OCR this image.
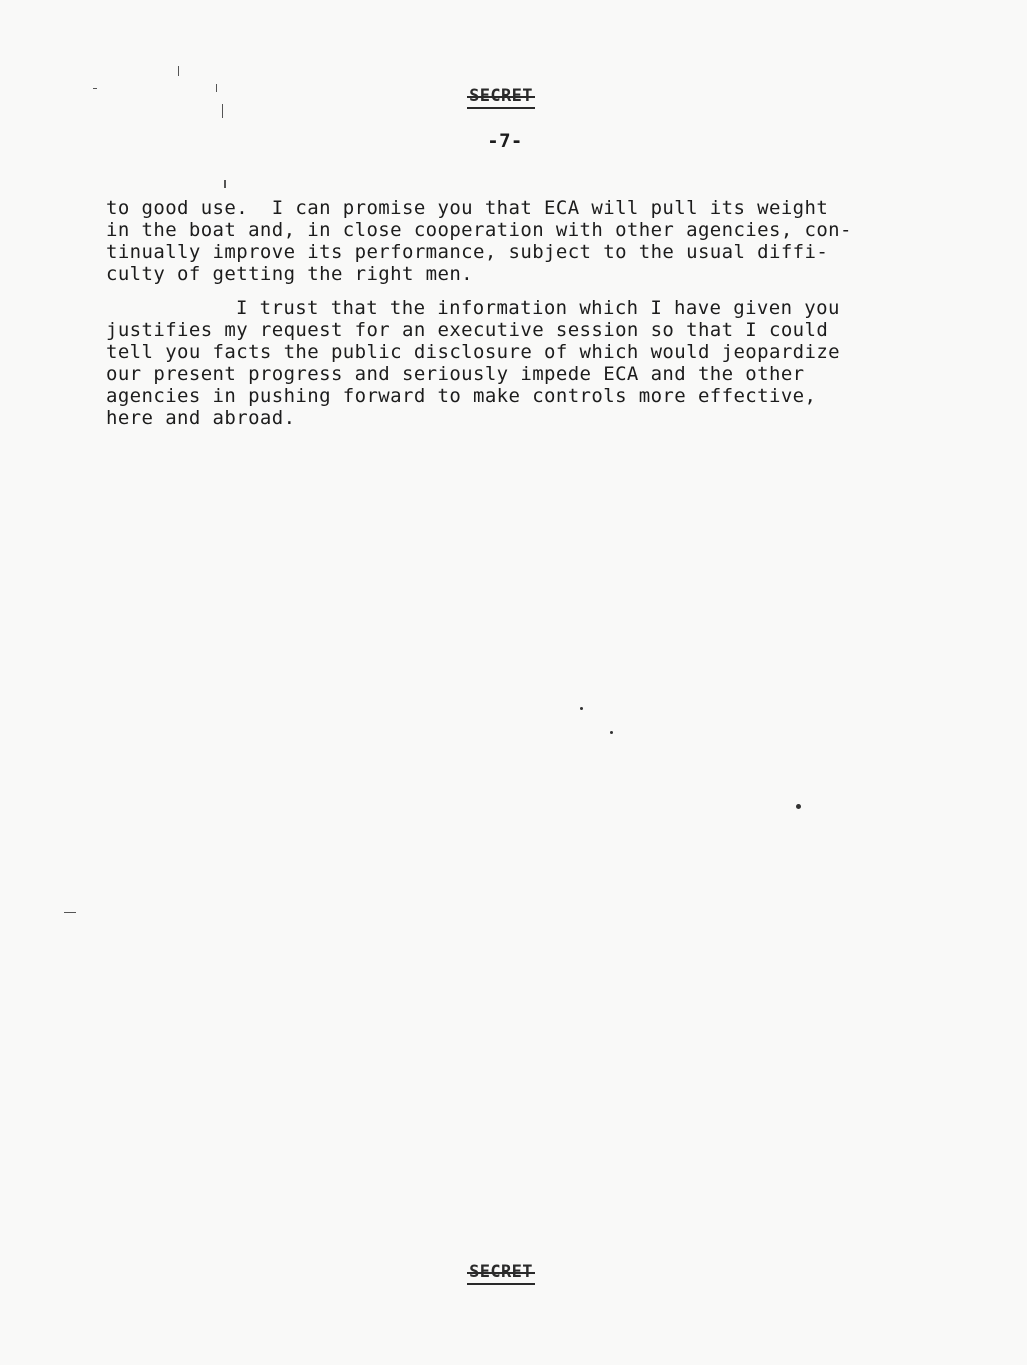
SECRET
-7-
to good use.  I can promise you that ECA will pull its weight
in the boat and, in close cooperation with other agencies, con-
tinually improve its performance, subject to the usual diffi-
culty of getting the right men.
I trust that the information which I have given you
justifies my request for an executive session so that I could
tell you facts the public disclosure of which would jeopardize
our present progress and seriously impede ECA and the other
agencies in pushing forward to make controls more effective,
here and abroad.
SECRET
